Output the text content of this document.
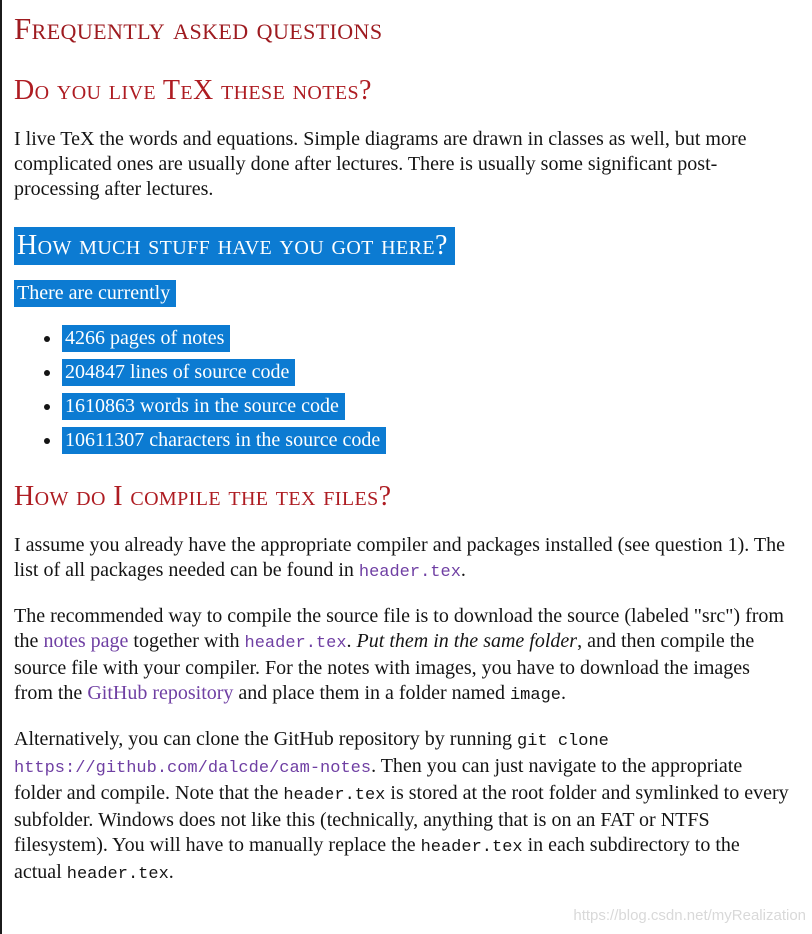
Frequently asked questions
Do you live TeX these notes?

I live TeX the words and equations. Simple diagrams are drawn in classes as well, but more complicated ones are usually done after lectures. There is usually some significant post-processing after lectures.

How much stuff have you got here?

There are currently

• 4266 pages of notes
• 204847 lines of source code
• 1610863 words in the source code
• 10611307 characters in the source code
How do I compile the tex files?

I assume you already have the appropriate compiler and packages installed (see question 1). The list of all packages needed can be found in header.tex.

The recommended way to compile the source file is to download the source (labeled "src") from the notes page together with header.tex. Put them in the same folder, and then compile the source file with your compiler. For the notes with images, you have to download the images from the GitHub repository and place them in a folder named image.

Alternatively, you can clone the GitHub repository by running git clone https://github.com/dalcde/cam-notes. Then you can just navigate to the appropriate folder and compile. Note that the header.tex is stored at the root folder and symlinked to every subfolder. Windows does not like this (technically, anything that is on an FAT or NTFS filesystem). You will have to manually replace the header.tex in each subdirectory to the actual header.tex.

https://blog.csdn.net/myRealization
